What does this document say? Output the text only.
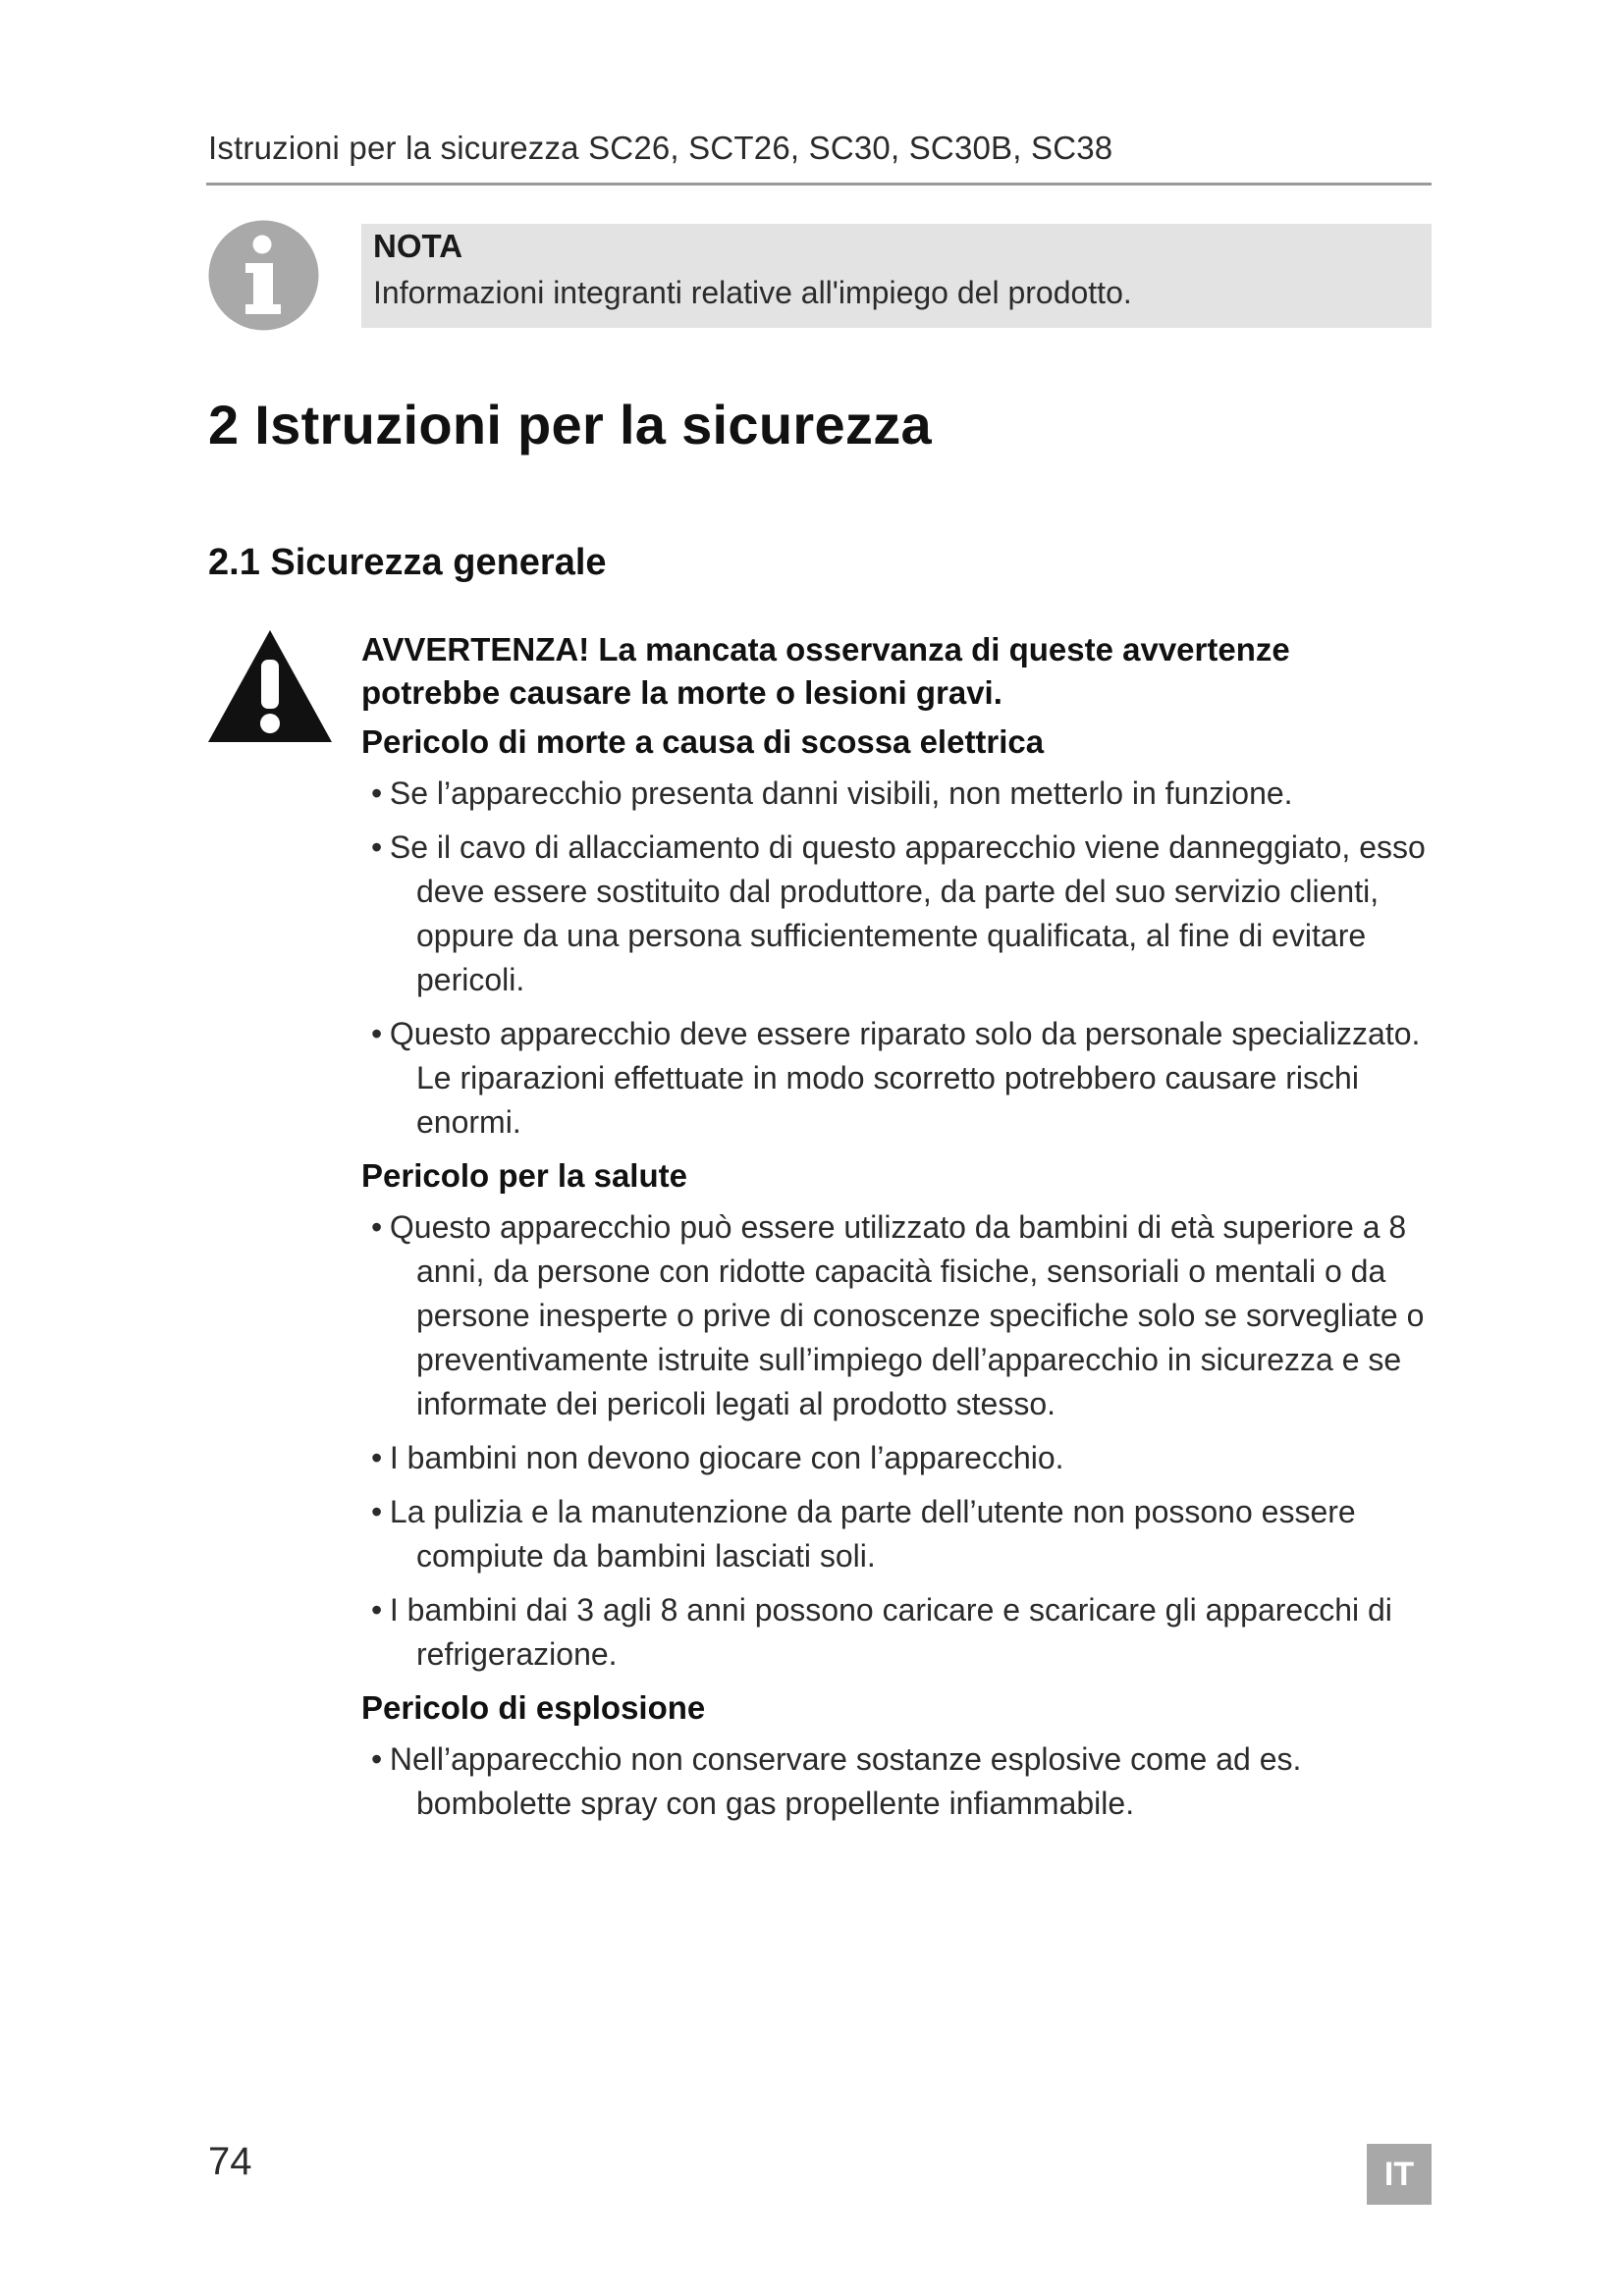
Istruzioni per la sicurezza SC26, SCT26, SC30, SC30B, SC38
NOTA
Informazioni integranti relative all'impiego del prodotto.
2 Istruzioni per la sicurezza
2.1 Sicurezza generale
AVVERTENZA! La mancata osservanza di queste avvertenze potrebbe causare la morte o lesioni gravi.
Pericolo di morte a causa di scossa elettrica
• Se l’apparecchio presenta danni visibili, non metterlo in funzione.
• Se il cavo di allacciamento di questo apparecchio viene danneggiato, esso deve essere sostituito dal produttore, da parte del suo servizio clienti, oppure da una persona sufficientemente qualificata, al fine di evitare pericoli.
• Questo apparecchio deve essere riparato solo da personale specializzato. Le riparazioni effettuate in modo scorretto potrebbero causare rischi enormi.
Pericolo per la salute
• Questo apparecchio può essere utilizzato da bambini di età superiore a 8 anni, da persone con ridotte capacità fisiche, sensoriali o mentali o da persone inesperte o prive di conoscenze specifiche solo se sorvegliate o preventivamente istruite sull’impiego dell’apparecchio in sicurezza e se informate dei pericoli legati al prodotto stesso.
• I bambini non devono giocare con l’apparecchio.
• La pulizia e la manutenzione da parte dell’utente non possono essere compiute da bambini lasciati soli.
• I bambini dai 3 agli 8 anni possono caricare e scaricare gli apparecchi di refrigerazione.
Pericolo di esplosione
• Nell’apparecchio non conservare sostanze esplosive come ad es. bombolette spray con gas propellente infiammabile.
74	IT
